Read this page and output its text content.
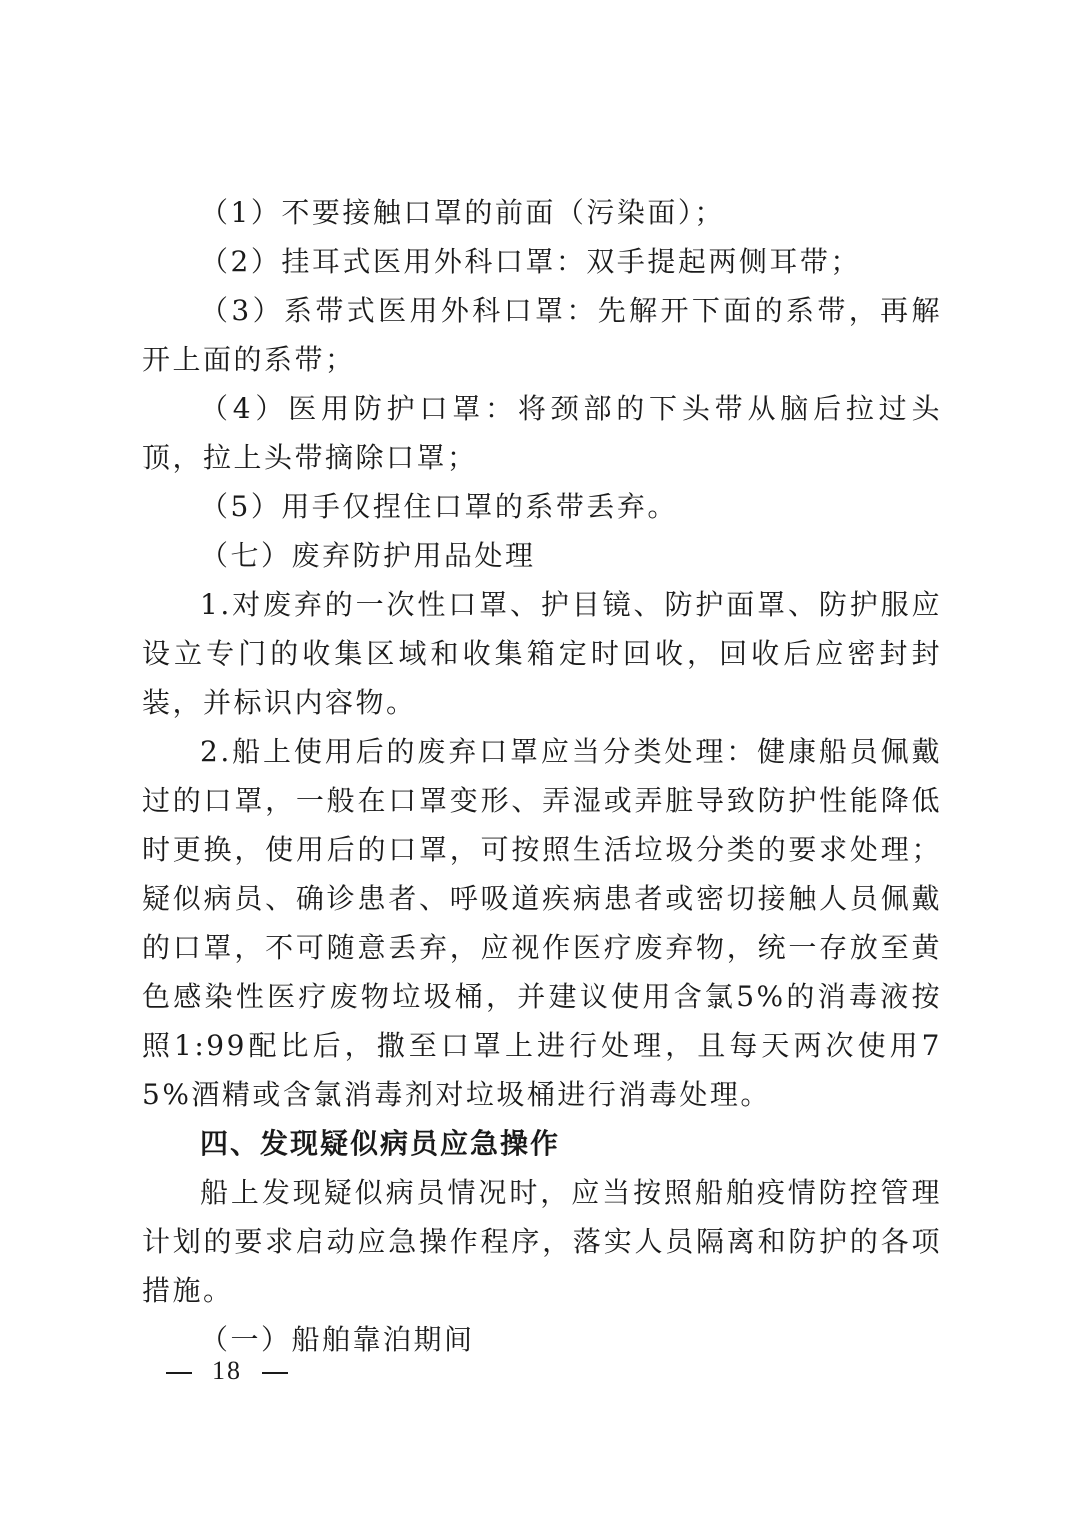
（1）不要接触口罩的前面（污染面）；

（2）挂耳式医用外科口罩：双手提起两侧耳带；

（3）系带式医用外科口罩：先解开下面的系带，再解开上面的系带；

（4）医用防护口罩：将颈部的下头带从脑后拉过头顶，拉上头带摘除口罩；

（5）用手仅捏住口罩的系带丢弃。

（七）废弃防护用品处理

1.对废弃的一次性口罩、护目镜、防护面罩、防护服应设立专门的收集区域和收集箱定时回收，回收后应密封封装，并标识内容物。

2.船上使用后的废弃口罩应当分类处理：健康船员佩戴过的口罩，一般在口罩变形、弄湿或弄脏导致防护性能降低时更换，使用后的口罩，可按照生活垃圾分类的要求处理；疑似病员、确诊患者、呼吸道疾病患者或密切接触人员佩戴的口罩，不可随意丢弃，应视作医疗废弃物，统一存放至黄色感染性医疗废物垃圾桶，并建议使用含氯5%的消毒液按照1:99配比后，撒至口罩上进行处理，且每天两次使用75%酒精或含氯消毒剂对垃圾桶进行消毒处理。

四、发现疑似病员应急操作

船上发现疑似病员情况时，应当按照船舶疫情防控管理计划的要求启动应急操作程序，落实人员隔离和防护的各项措施。

（一）船舶靠泊期间

18
